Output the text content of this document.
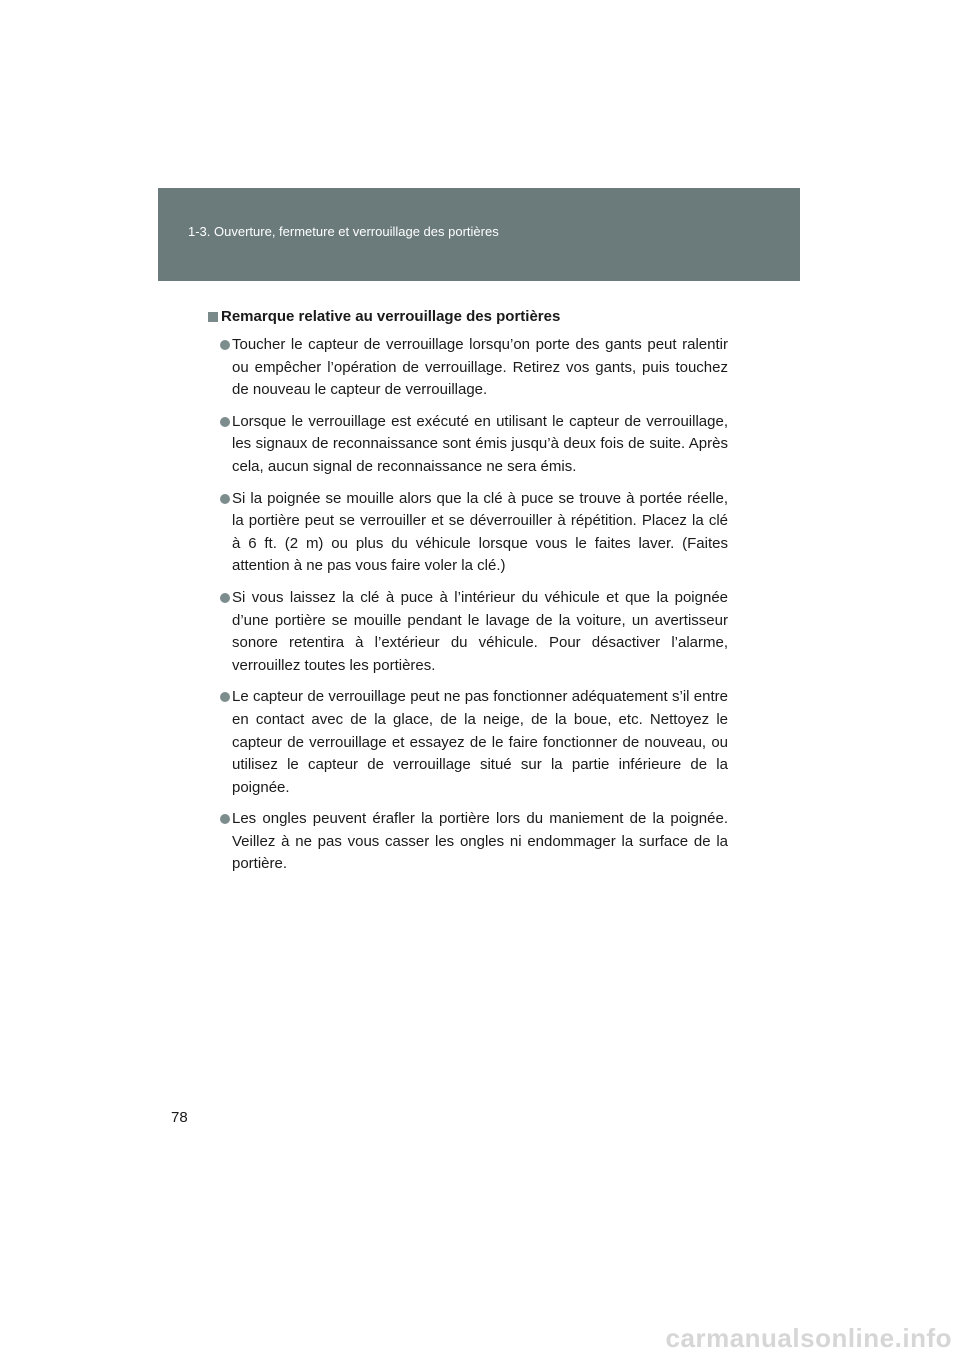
1-3. Ouverture, fermeture et verrouillage des portières
Remarque relative au verrouillage des portières
Toucher le capteur de verrouillage lorsqu’on porte des gants peut ralentir ou empêcher l’opération de verrouillage. Retirez vos gants, puis touchez de nouveau le capteur de verrouillage.
Lorsque le verrouillage est exécuté en utilisant le capteur de verrouillage, les signaux de reconnaissance sont émis jusqu’à deux fois de suite. Après cela, aucun signal de reconnaissance ne sera émis.
Si la poignée se mouille alors que la clé à puce se trouve à portée réelle, la portière peut se verrouiller et se déverrouiller à répétition. Placez la clé à 6 ft. (2 m) ou plus du véhicule lorsque vous le faites laver. (Faites attention à ne pas vous faire voler la clé.)
Si vous laissez la clé à puce à l’intérieur du véhicule et que la poignée d’une portière se mouille pendant le lavage de la voiture, un avertisseur sonore retentira à l’extérieur du véhicule. Pour désactiver l’alarme, verrouillez toutes les portières.
Le capteur de verrouillage peut ne pas fonctionner adéquatement s’il entre en contact avec de la glace, de la neige, de la boue, etc. Nettoyez le capteur de verrouillage et essayez de le faire fonctionner de nouveau, ou utilisez le capteur de verrouillage situé sur la partie inférieure de la poignée.
Les ongles peuvent érafler la portière lors du maniement de la poignée. Veillez à ne pas vous casser les ongles ni endommager la surface de la portière.
78
carmanualsonline.info
